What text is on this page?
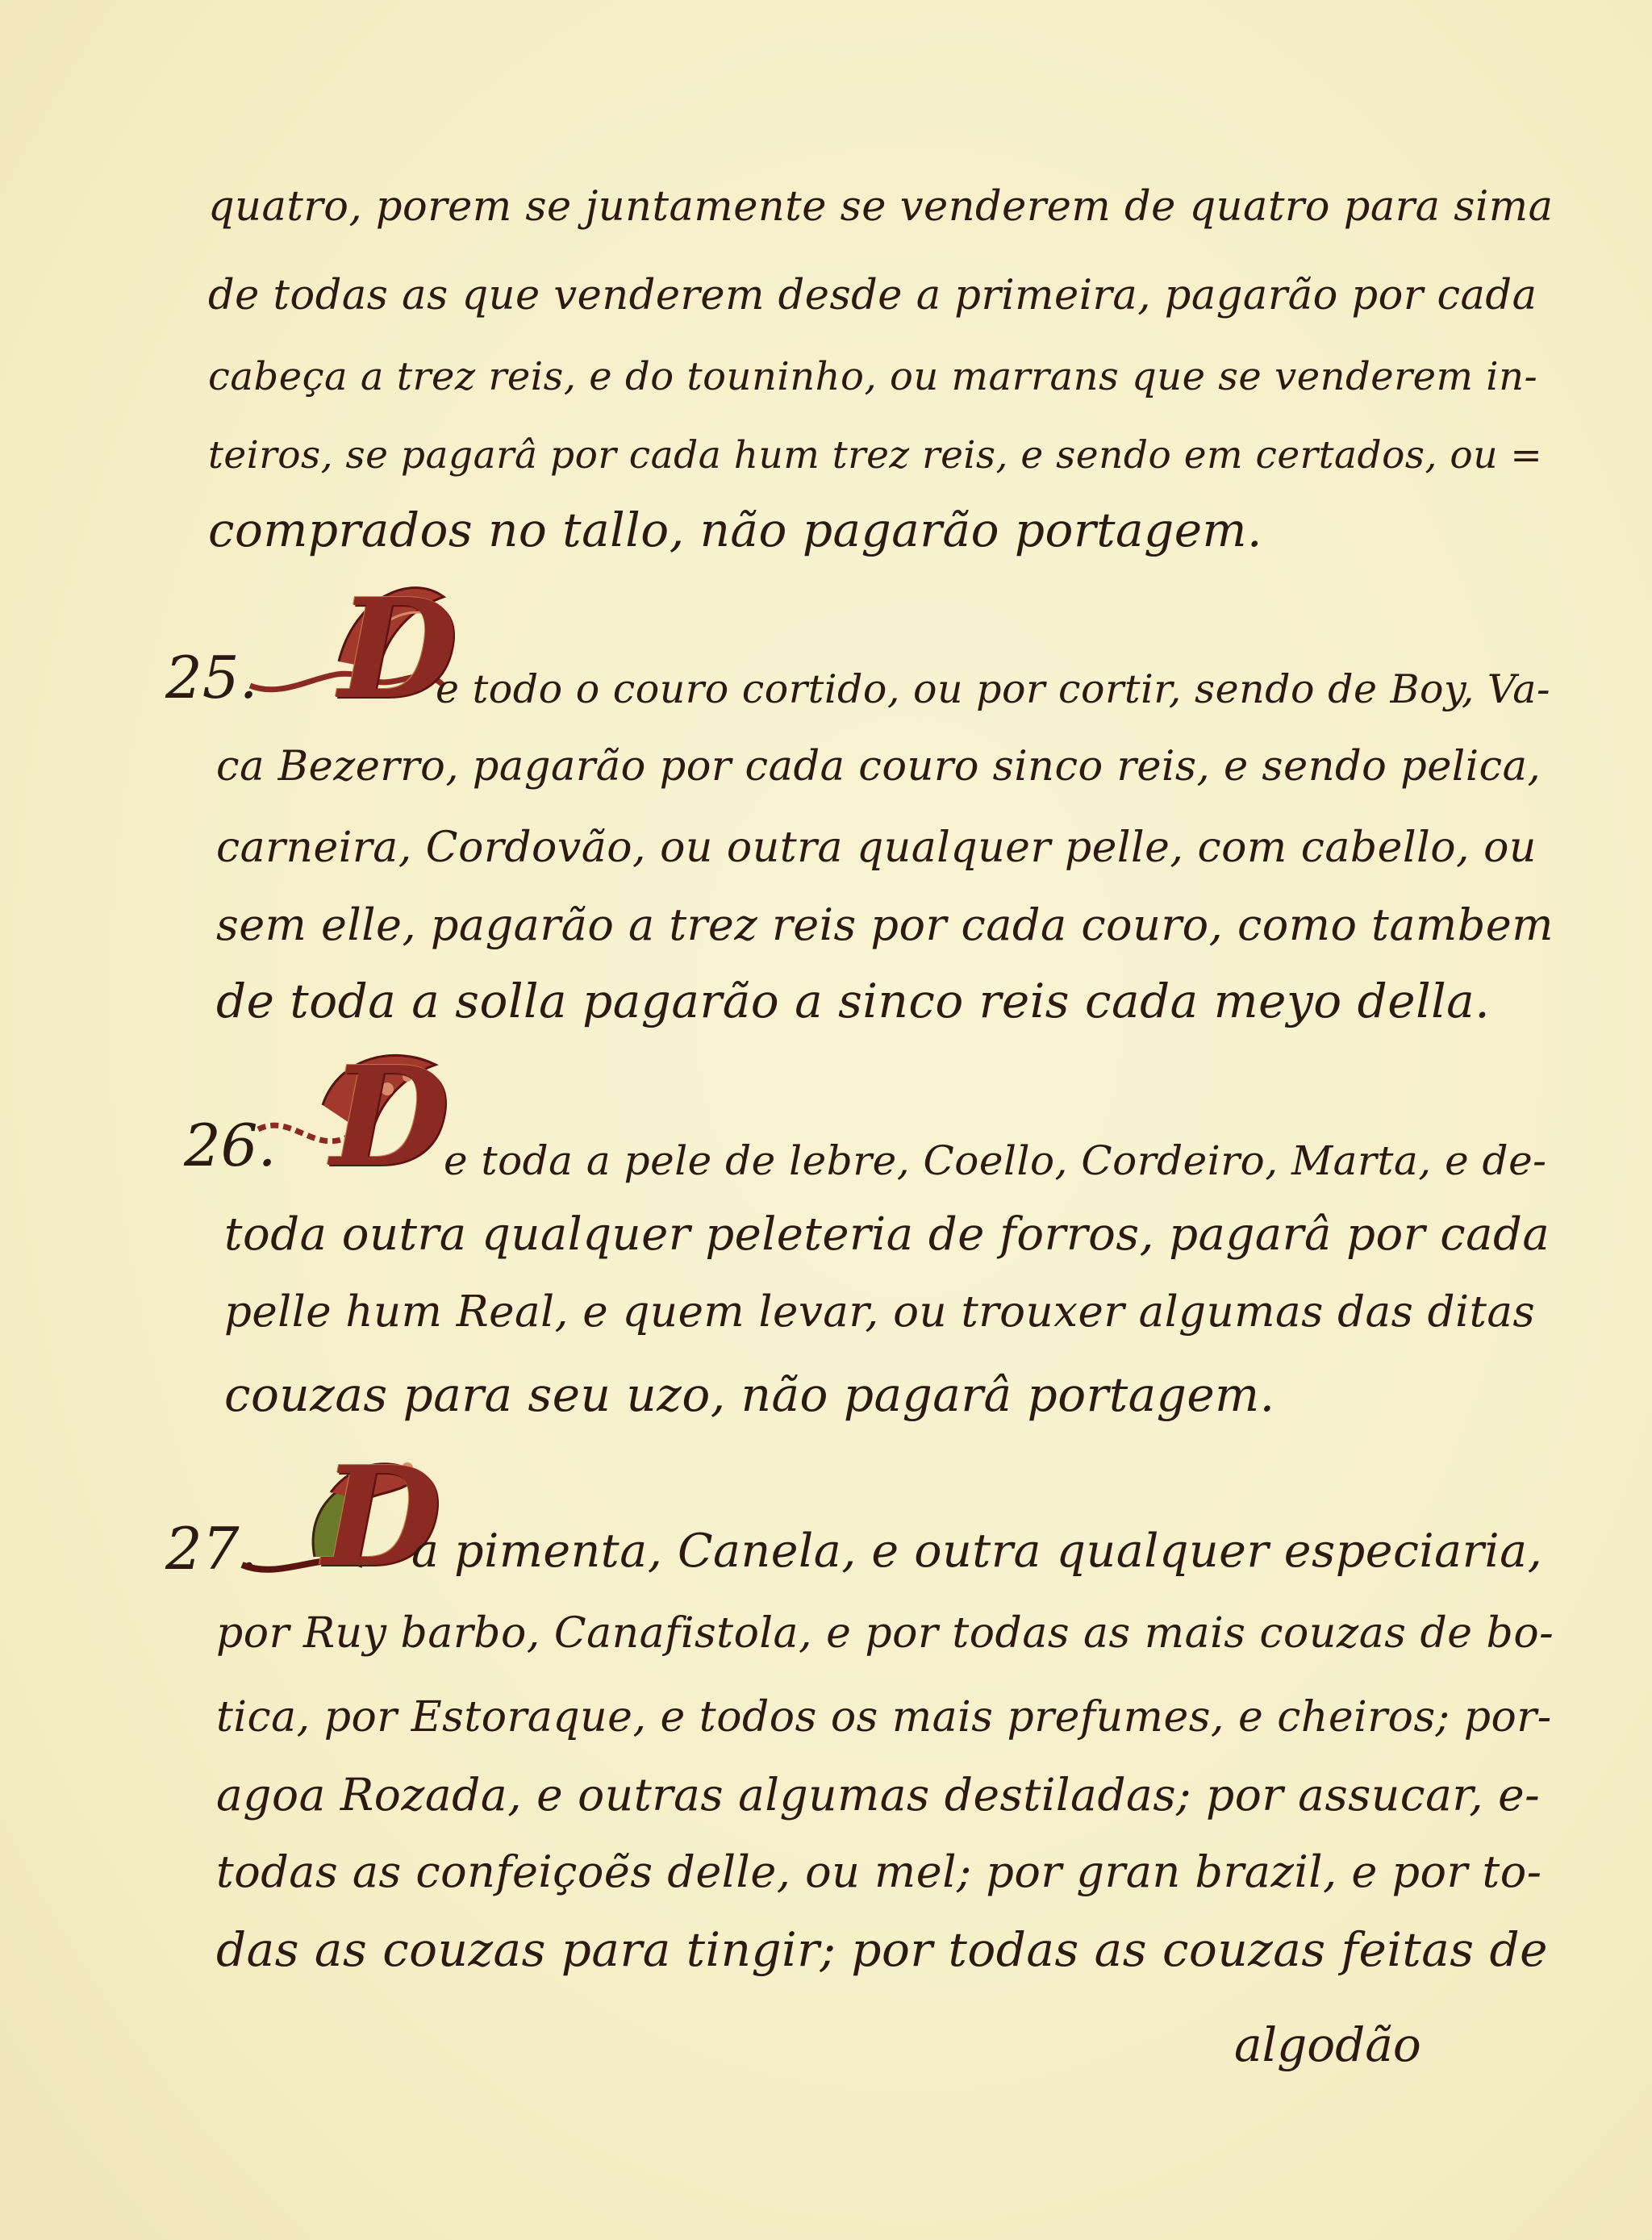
quatro, porem se juntamente se venderem de quatro para sima
de todas as que venderem desde a primeira, pagarão por cada
cabeça a trez reis, e do touninho, ou marrans que se venderem in-
teiros, se pagarâ por cada hum trez reis, e sendo em certados, ou =
comprados no tallo, não pagarão portagem.
25. D
e todo o couro cortido, ou por cortir, sendo de Boy, Va-
ca Bezerro, pagarão por cada couro sinco reis, e sendo pelica,
carneira, Cordovão, ou outra qualquer pelle, com cabello, ou
sem elle, pagarão a trez reis por cada couro, como tambem
de toda a solla pagarão a sinco reis cada meyo della.
26. D
e toda a pele de lebre, Coello, Cordeiro, Marta, e de-
toda outra qualquer peleteria de forros, pagarâ por cada
pelle hum Real, e quem levar, ou trouxer algumas das ditas
couzas para seu uzo, não pagarâ portagem.
27. D
a pimenta, Canela, e outra qualquer especiaria,
por Ruy barbo, Canafistola, e por todas as mais couzas de bo-
tica, por Estoraque, e todos os mais prefumes, e cheiros; por-
agoa Rozada, e outras algumas destiladas; por assucar, e-
todas as confeiçoẽs delle, ou mel; por gran brazil, e por to-
das as couzas para tingir; por todas as couzas feitas de
algodão
